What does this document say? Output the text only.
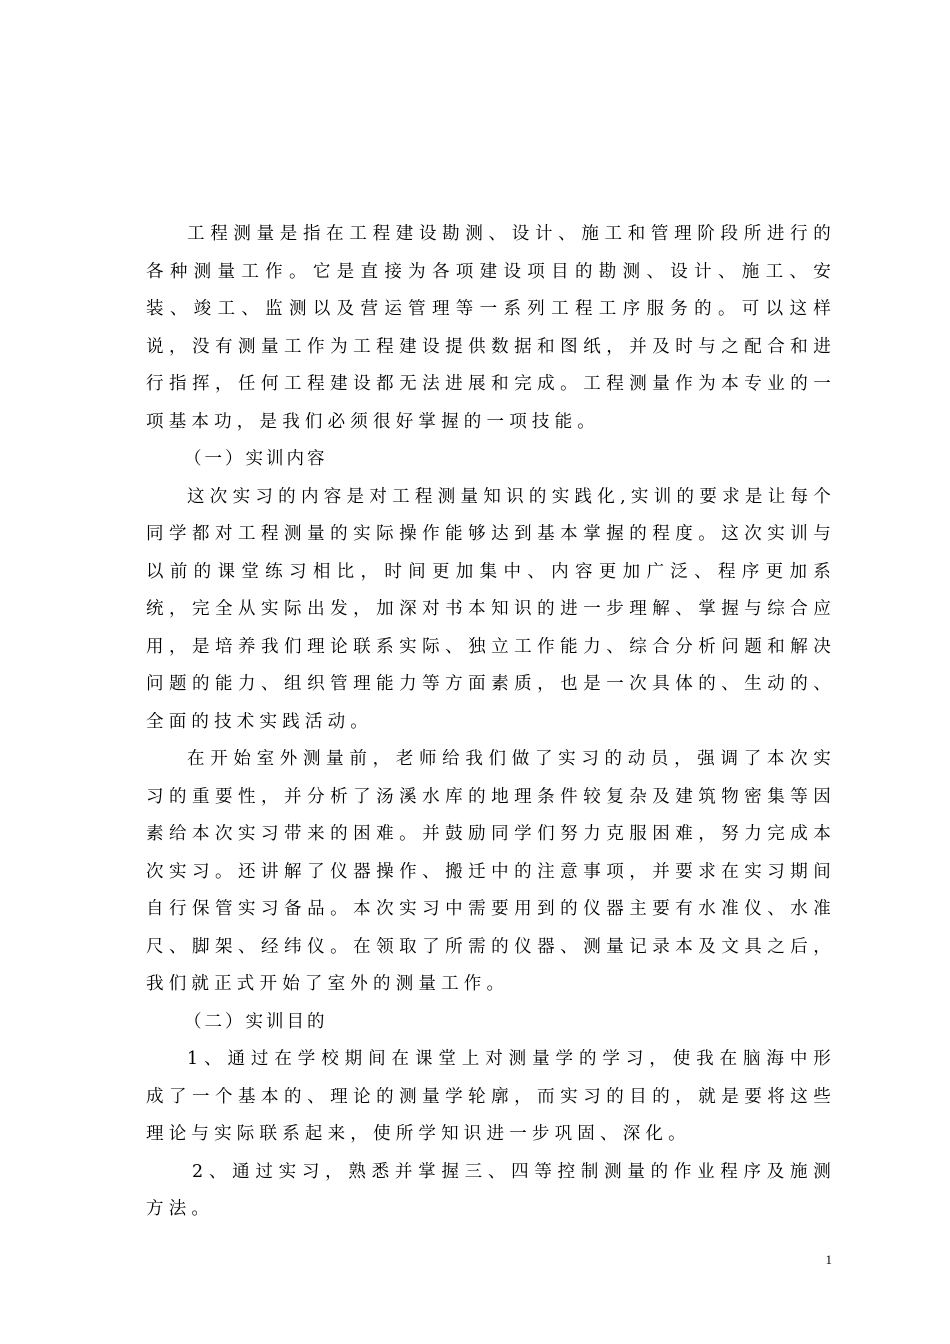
工程测量是指在工程建设勘测、设计、施工和管理阶段所进行的各种测量工作。它是直接为各项建设项目的勘测、设计、施工、安装、竣工、监测以及营运管理等一系列工程工序服务的。可以这样说，没有测量工作为工程建设提供数据和图纸，并及时与之配合和进行指挥，任何工程建设都无法进展和完成。工程测量作为本专业的一项基本功，是我们必须很好掌握的一项技能。

（一）实训内容

这次实习的内容是对工程测量知识的实践化,实训的要求是让每个同学都对工程测量的实际操作能够达到基本掌握的程度。这次实训与以前的课堂练习相比，时间更加集中、内容更加广泛、程序更加系统，完全从实际出发，加深对书本知识的进一步理解、掌握与综合应用，是培养我们理论联系实际、独立工作能力、综合分析问题和解决问题的能力、组织管理能力等方面素质，也是一次具体的、生动的、全面的技术实践活动。

在开始室外测量前，老师给我们做了实习的动员，强调了本次实习的重要性，并分析了汤溪水库的地理条件较复杂及建筑物密集等因素给本次实习带来的困难。并鼓励同学们努力克服困难，努力完成本次实习。还讲解了仪器操作、搬迁中的注意事项，并要求在实习期间自行保管实习备品。本次实习中需要用到的仪器主要有水准仪、水准尺、脚架、经纬仪。在领取了所需的仪器、测量记录本及文具之后，我们就正式开始了室外的测量工作。

（二）实训目的

1、通过在学校期间在课堂上对测量学的学习，使我在脑海中形成了一个基本的、理论的测量学轮廓，而实习的目的，就是要将这些理论与实际联系起来，使所学知识进一步巩固、深化。

2、通过实习，熟悉并掌握三、四等控制测量的作业程序及施测方法。

1
